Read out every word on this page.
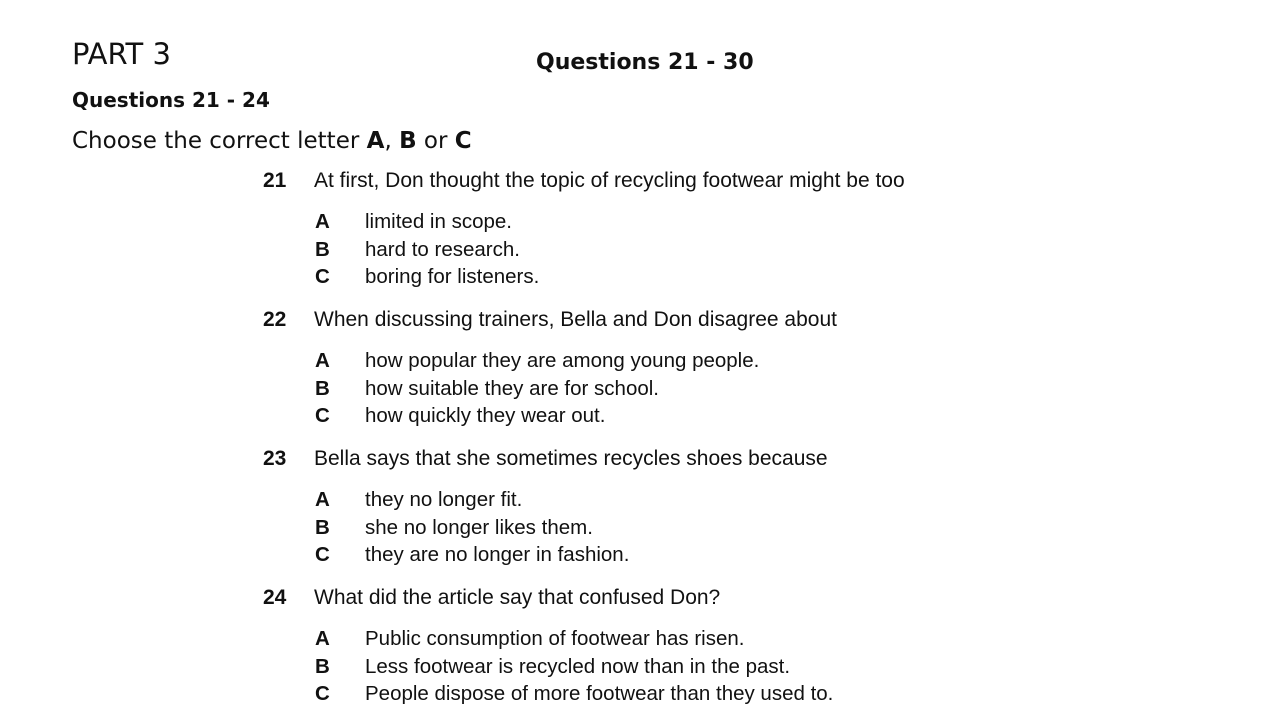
PART 3	Questions 21 - 30
Questions 21 - 24

Choose the correct letter A, B or C

21 At first, Don thought the topic of recycling footwear might be too
A limited in scope.
B hard to research.
C boring for listeners.
22 When discussing trainers, Bella and Don disagree about
A how popular they are among young people.
B how suitable they are for school.
C how quickly they wear out.
23 Bella says that she sometimes recycles shoes because
A they no longer fit.
B she no longer likes them.
C they are no longer in fashion.
24 What did the article say that confused Don?
A Public consumption of footwear has risen.
B Less footwear is recycled now than in the past.
C People dispose of more footwear than they used to.
